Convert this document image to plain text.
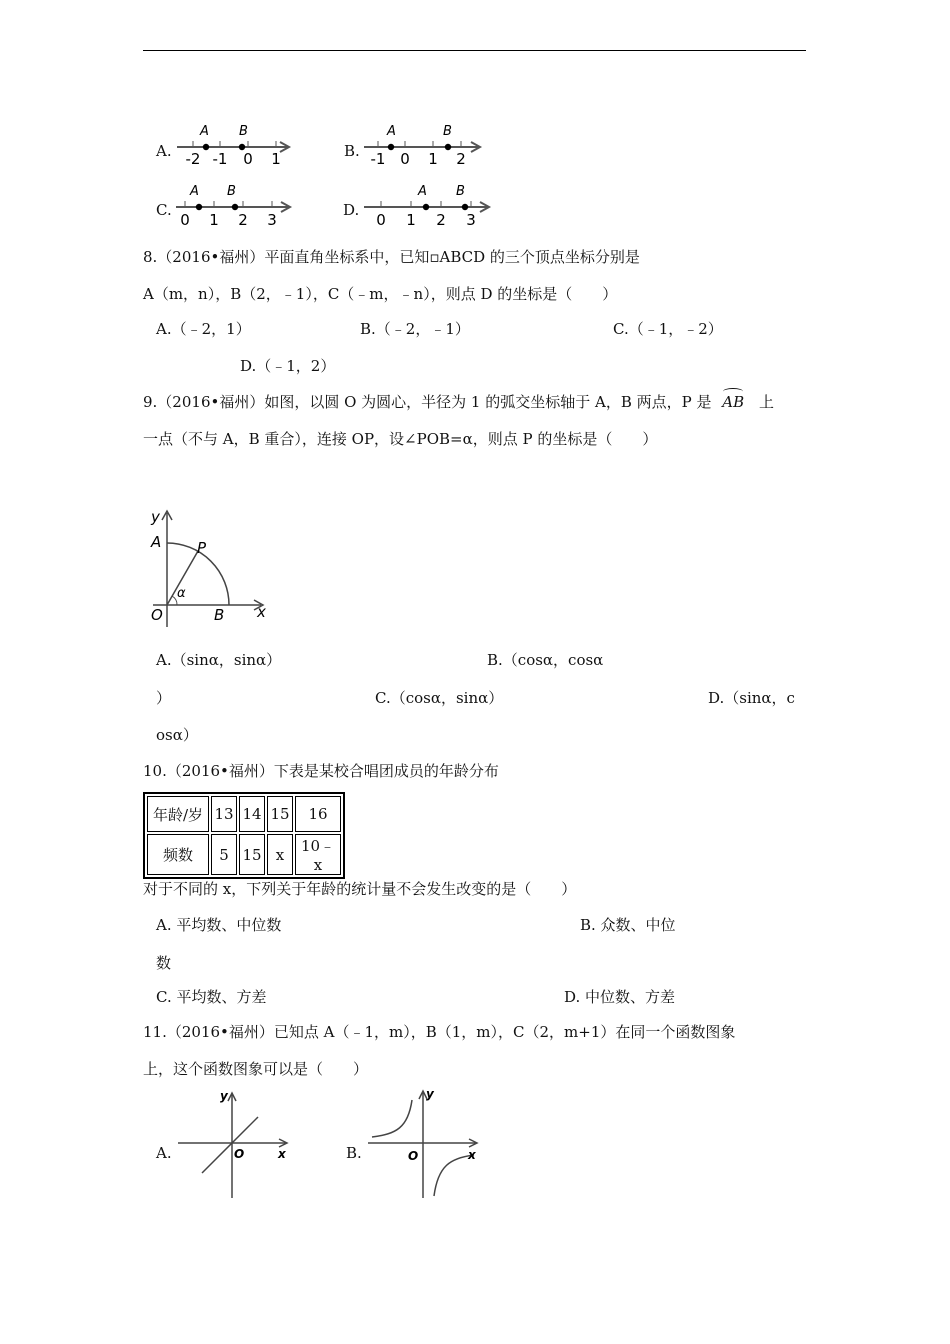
A.
A B
-2 -1 0 1	B.
A	B
-1 0 1 2
C.
A B
0 1 2 3
D.
A B
0 1 2 3
8.（2016•福州）平面直角坐标系中，已知▫ABCD 的三个顶点坐标分别是
A（m，n），B（2，﹣1），C（﹣m，﹣n），则点 D 的坐标是（　　）
A.（﹣2，1）	B.（﹣2，﹣1）	C.（﹣1，﹣2）
D.（﹣1，2）
9.（2016•福州）如图，以圆 O 为圆心，半径为 1 的弧交坐标轴于 A，B 两点，P 是 AB 上
一点（不与 A，B 重合），连接 OP，设∠POB=α，则点 P 的坐标是（　　）
y
A P
α
O	B x
A.（sinα，sinα）	B.（cosα，cosα
）	C.（cosα，sinα）	D.（sinα，c
osα）
10.（2016•福州）下表是某校合唱团成员的年龄分布
年龄/岁	13	14	15	16
频数	5	15	x	10﹣x
对于不同的 x，下列关于年龄的统计量不会发生改变的是（　　）
A. 平均数、中位数	B. 众数、中位
数
C. 平均数、方差	D. 中位数、方差
11.（2016•福州）已知点 A（﹣1，m），B（1，m），C（2，m+1）在同一个函数图象
上，这个函数图象可以是（　　）
A.
y
O	x	B.
y
O	x
